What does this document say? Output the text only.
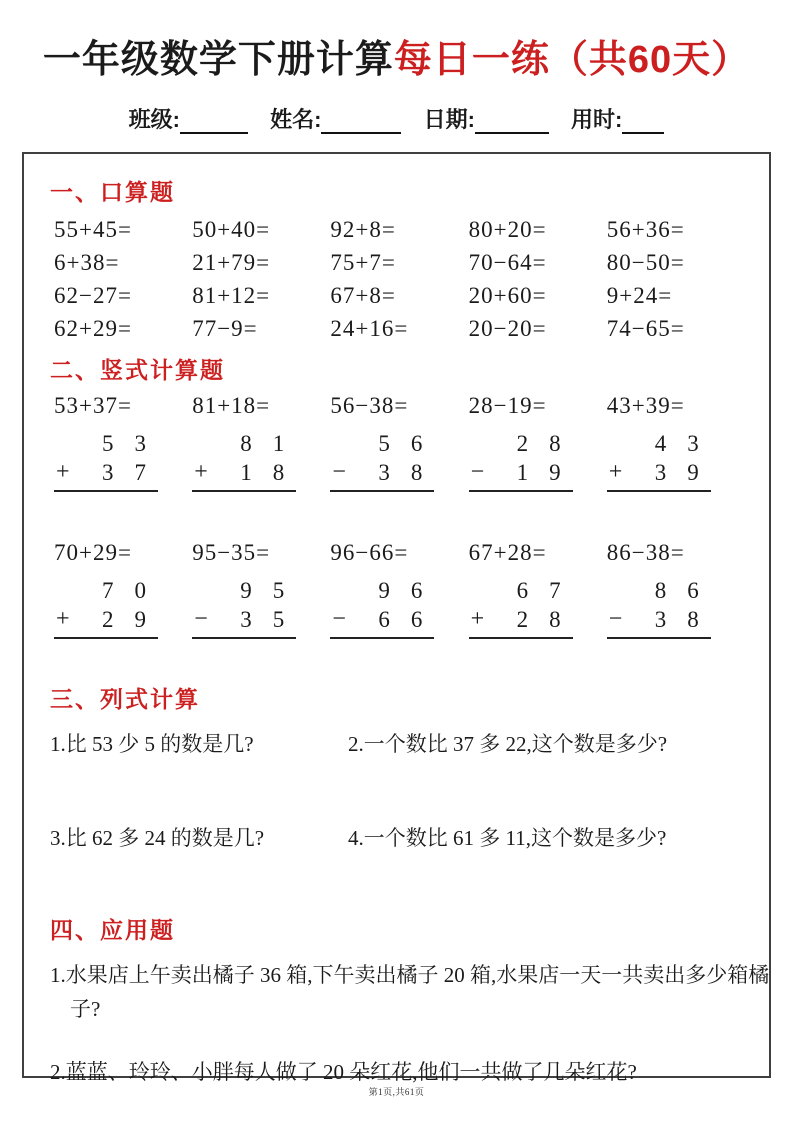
一年级数学下册计算每日一练（共60天）
班级:	姓名:	日期:	用时:
一、口算题
55+45=	50+40=	92+8=	80+20=	56+36=
6+38=	21+79=	75+7=	70−64=	80−50=
62−27=	81+12=	67+8=	20+60=	9+24=
62+29=	77−9=	24+16=	20−20=	74−65=
二、竖式计算题
53+37=
53
+ 37
81+18=
81
+ 18
56−38=
56
− 38
28−19=
28
− 19
43+39=
43
+ 39
70+29=
70
+ 29
95−35=
95
− 35
96−66=
96
− 66
67+28=
67
+ 28
86−38=
86
− 38
三、列式计算
1.比 53 少 5 的数是几?	2.一个数比 37 多 22,这个数是多少?
3.比 62 多 24 的数是几?	4.一个数比 61 多 11,这个数是多少?
四、应用题
1.水果店上午卖出橘子 36 箱,下午卖出橘子 20 箱,水果店一天一共卖出多少箱橘子?
2.蓝蓝、玲玲、小胖每人做了 20 朵红花,他们一共做了几朵红花?
第1页,共61页
